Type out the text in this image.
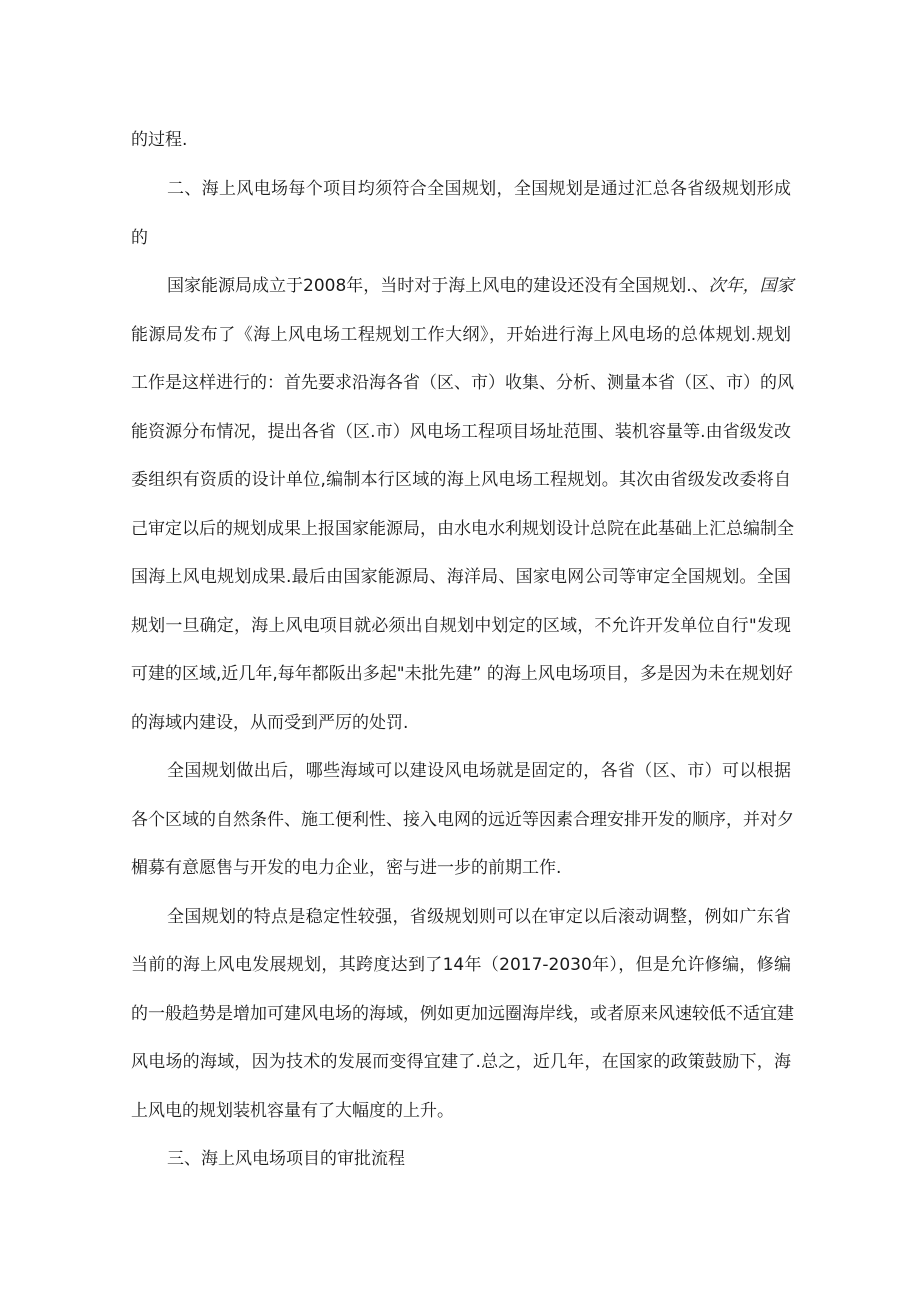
的过程.

二、海上风电场每个项目均须符合全国规划，全国规划是通过汇总各省级规划形成

的

国家能源局成立于2008年，当时对于海上风电的建设还没有全国规划.、次年，国家

能源局发布了《海上风电场工程规划工作大纲》，开始进行海上风电场的总体规划.规划

工作是这样进行的：首先要求沿海各省（区、市）收集、分析、测量本省（区、市）的风

能资源分布情况，提出各省（区.市）风电场工程项目场址范围、装机容量等.由省级发改

委组织有资质的设计单位,编制本行区域的海上风电场工程规划。其次由省级发改委将自

己审定以后的规划成果上报国家能源局，由水电水利规划设计总院在此基础上汇总编制全

国海上风电规划成果.最后由国家能源局、海洋局、国家电网公司等审定全国规划。全国

规划一旦确定，海上风电项目就必须出自规划中划定的区域，不允许开发单位自行"发现

可建的区域,近几年,每年都阪出多起"未批先建” 的海上风电场项目，多是因为未在规划好

的海域内建设，从而受到严厉的处罚.

全国规划做出后，哪些海域可以建设风电场就是固定的，各省（区、市）可以根据

各个区域的自然条件、施工便利性、接入电网的远近等因素合理安排开发的顺序，并对夕

楣募有意愿售与开发的电力企业，密与进一步的前期工作.

全国规划的特点是稳定性较强，省级规划则可以在审定以后滚动调整，例如广东省

当前的海上风电发展规划，其跨度达到了14年（2017-2030年），但是允许修编，修编

的一般趋势是增加可建风电场的海域，例如更加远圈海岸线，或者原来风速较低不适宜建

风电场的海域，因为技术的发展而变得宜建了.总之，近几年，在国家的政策鼓励下，海

上风电的规划装机容量有了大幅度的上升。

三、海上风电场项目的审批流程
